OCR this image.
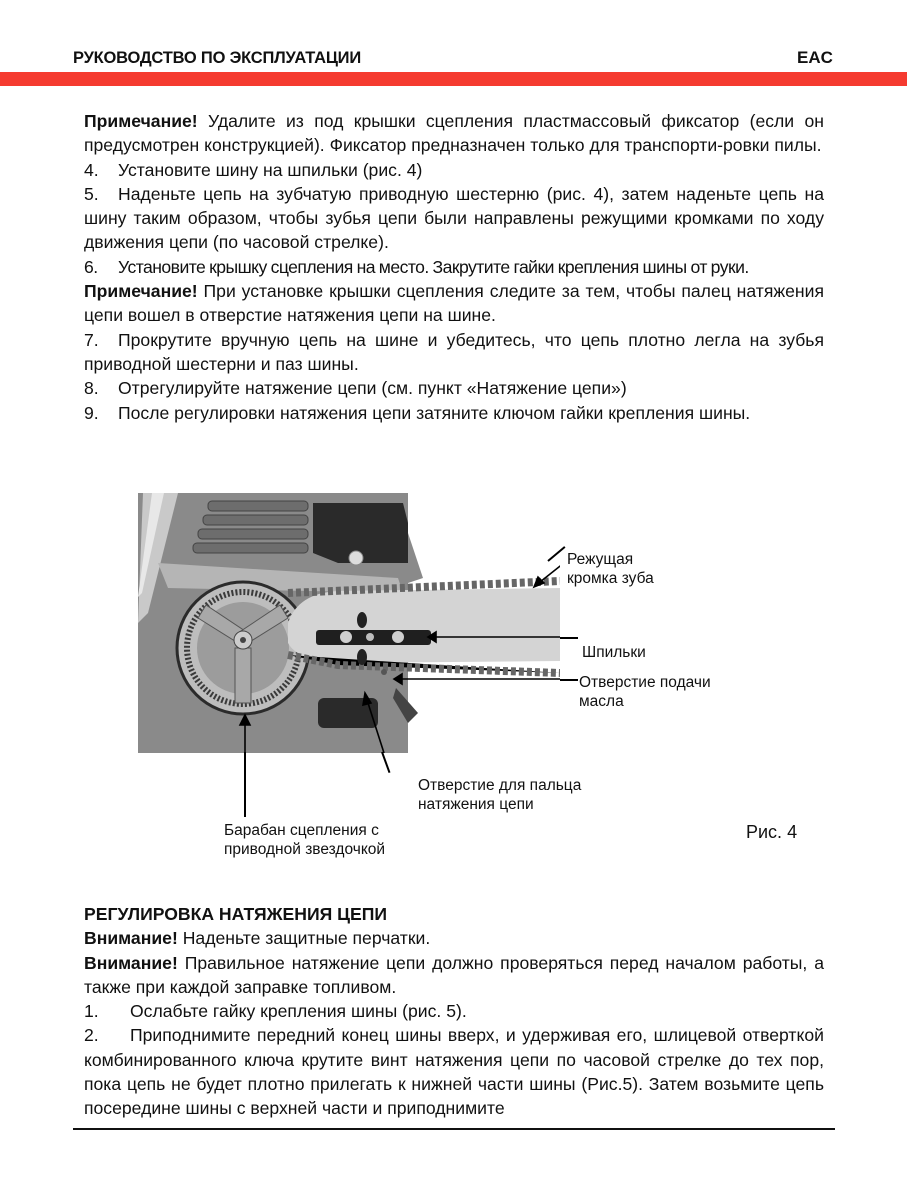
РУКОВОДСТВО ПО ЭКСПЛУАТАЦИИ	EAC

Примечание! Удалите из под крышки сцепления пластмассовый фиксатор (если он предусмотрен конструкцией). Фиксатор предназначен только для транспорти-ровки пилы.

4. Установите шину на шпильки (рис. 4)

5. Наденьте цепь на зубчатую приводную шестерню (рис. 4), затем наденьте цепь на шину таким образом, чтобы зубья цепи были направлены режущими кромками по ходу движения цепи (по часовой стрелке).

6. Установите крышку сцепления на место. Закрутите гайки крепления шины от руки.

Примечание! При установке крышки сцепления следите за тем, чтобы палец натяжения цепи вошел в отверстие натяжения цепи на шине.

7. Прокрутите вручную цепь на шине и убедитесь, что цепь плотно легла на зубья приводной шестерни и паз шины.

8. Отрегулируйте натяжение цепи (см. пункт «Натяжение цепи»)

9. После регулировки натяжения цепи затяните ключом гайки крепления шины.

Режущая
кромка зуба
Шпильки
Отверстие подачи
масла
Отверстие для пальца
натяжения цепи
Барабан сцепления с
приводной звездочкой
Рис. 4

РЕГУЛИРОВКА НАТЯЖЕНИЯ ЦЕПИ

Внимание! Наденьте защитные перчатки.

Внимание! Правильное натяжение цепи должно проверяться перед началом работы, а также при каждой заправке топливом.

1. Ослабьте гайку крепления шины (рис. 5).

2. Приподнимите передний конец шины вверх, и удерживая его, шлицевой отверткой комбинированного ключа крутите винт натяжения цепи по часовой стрелке до тех пор, пока цепь не будет плотно прилегать к нижней части шины (Рис.5). Затем возьмите цепь посередине шины с верхней части и приподнимите
